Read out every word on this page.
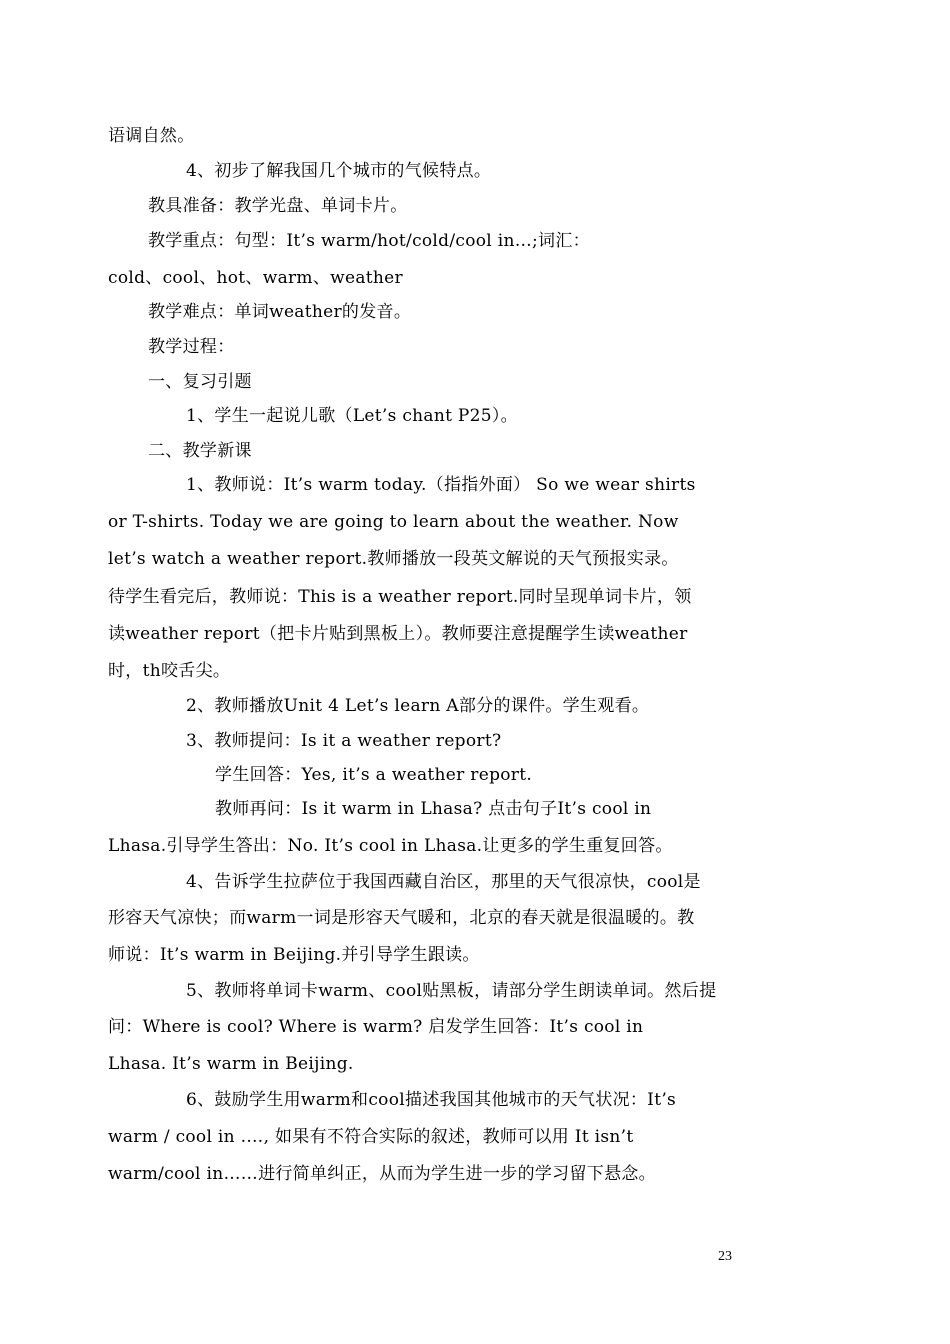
语调自然。
4、初步了解我国几个城市的气候特点。
教具准备：教学光盘、单词卡片。
教学重点：句型：It’s warm/hot/cold/cool in…;词汇：
cold、cool、hot、warm、weather
教学难点：单词weather的发音。
教学过程：
一、复习引题
1、学生一起说儿歌（Let’s chant P25）。
二、教学新课
1、教师说：It’s warm today.（指指外面） So we wear shirts
or T-shirts. Today we are going to learn about the weather. Now
let’s watch a weather report.教师播放一段英文解说的天气预报实录。
待学生看完后，教师说：This is a weather report.同时呈现单词卡片，领
读weather report（把卡片贴到黑板上）。教师要注意提醒学生读weather
时，th咬舌尖。
2、教师播放Unit 4 Let’s learn A部分的课件。学生观看。
3、教师提问：Is it a weather report?
学生回答：Yes, it’s a weather report.
教师再问：Is it warm in Lhasa? 点击句子It’s cool in
Lhasa.引导学生答出：No. It’s cool in Lhasa.让更多的学生重复回答。
4、告诉学生拉萨位于我国西藏自治区，那里的天气很凉快，cool是
形容天气凉快；而warm一词是形容天气暖和，北京的春天就是很温暖的。教
师说：It’s warm in Beijing.并引导学生跟读。
5、教师将单词卡warm、cool贴黑板，请部分学生朗读单词。然后提
问：Where is cool? Where is warm? 启发学生回答：It’s cool in
Lhasa. It’s warm in Beijing.
6、鼓励学生用warm和cool描述我国其他城市的天气状况：It’s
warm / cool in .…, 如果有不符合实际的叙述，教师可以用 It isn’t
warm/cool in……进行简单纠正，从而为学生进一步的学习留下悬念。
23
